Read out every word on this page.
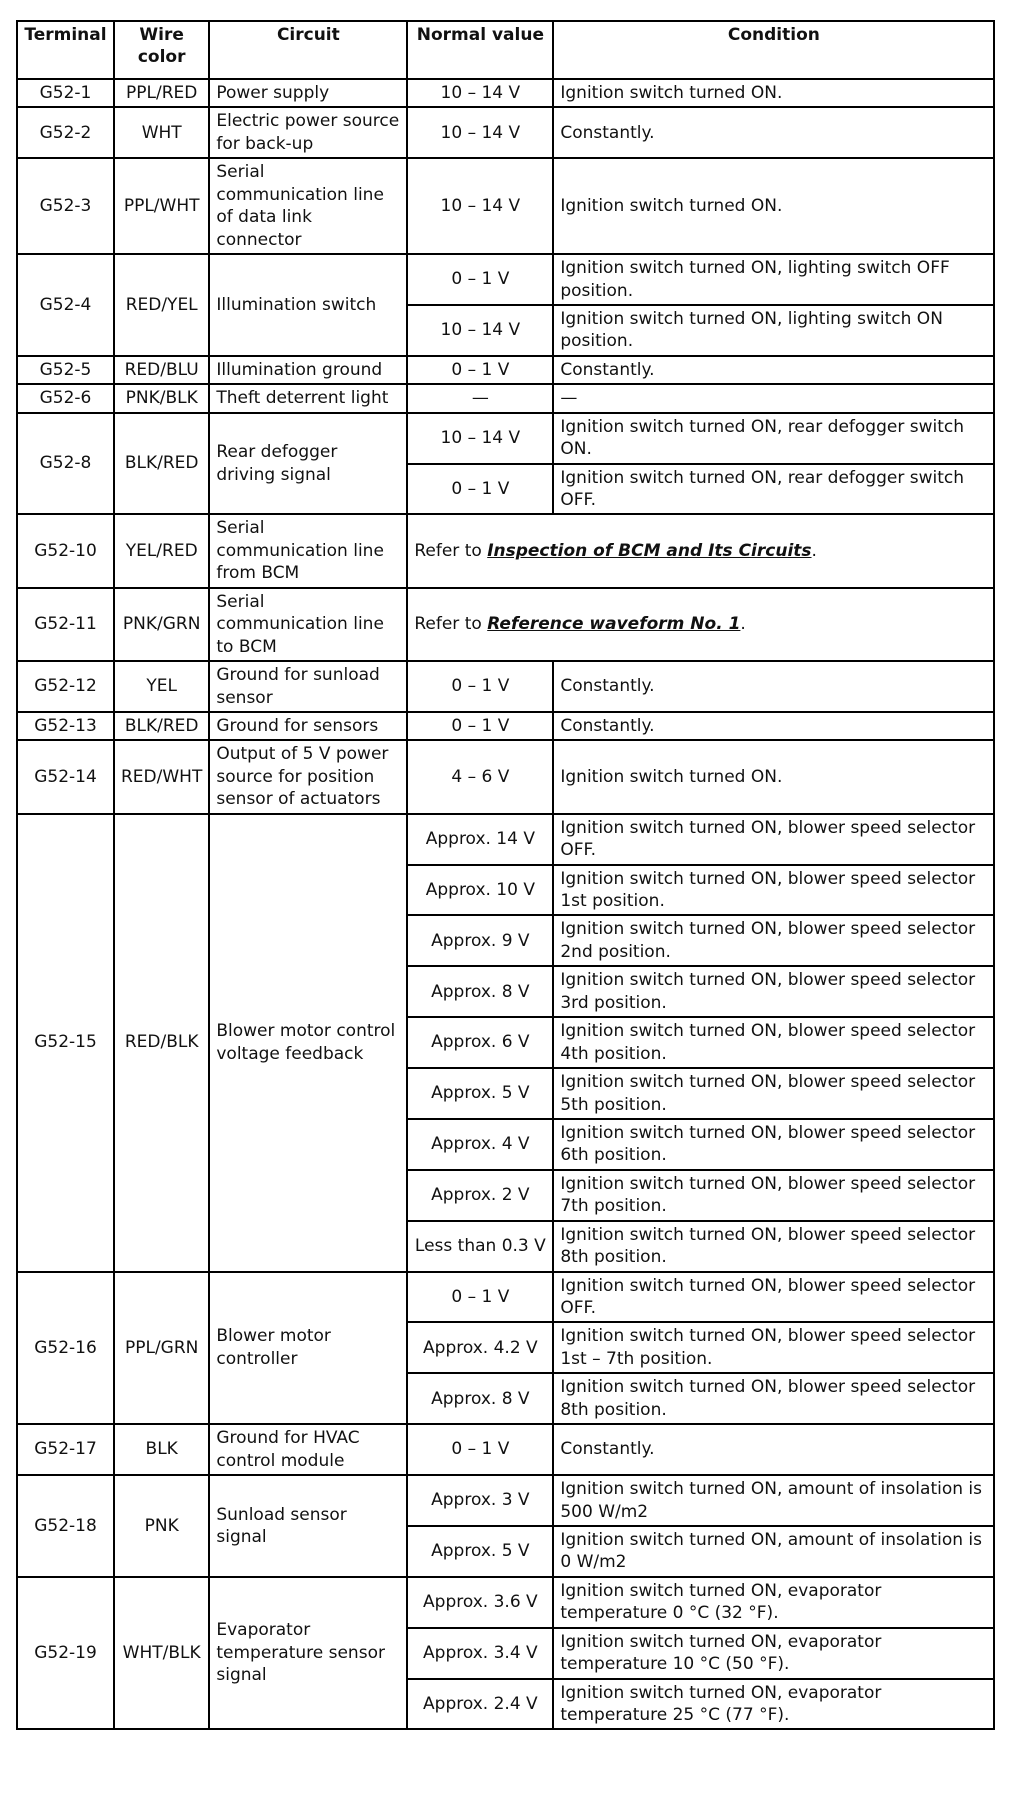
Terminal	Wire color	Circuit	Normal value	Condition
G52-1	PPL/RED	Power supply	10 – 14 V	Ignition switch turned ON.
G52-2	WHT	Electric power source for back-up	10 – 14 V	Constantly.
G52-3	PPL/WHT	Serial communication line of data link connector	10 – 14 V	Ignition switch turned ON.
G52-4	RED/YEL	Illumination switch	0 – 1 V	Ignition switch turned ON, lighting switch OFF position.
			10 – 14 V	Ignition switch turned ON, lighting switch ON position.
G52-5	RED/BLU	Illumination ground	0 – 1 V	Constantly.
G52-6	PNK/BLK	Theft deterrent light	—	—
G52-8	BLK/RED	Rear defogger driving signal	10 – 14 V	Ignition switch turned ON, rear defogger switch ON.
			0 – 1 V	Ignition switch turned ON, rear defogger switch OFF.
G52-10	YEL/RED	Serial communication line from BCM	Refer to Inspection of BCM and Its Circuits.	
G52-11	PNK/GRN	Serial communication line to BCM	Refer to Reference waveform No. 1.	
G52-12	YEL	Ground for sunload sensor	0 – 1 V	Constantly.
G52-13	BLK/RED	Ground for sensors	0 – 1 V	Constantly.
G52-14	RED/WHT	Output of 5 V power source for position sensor of actuators	4 – 6 V	Ignition switch turned ON.
G52-15	RED/BLK	Blower motor control voltage feedback	Approx. 14 V	Ignition switch turned ON, blower speed selector OFF.
			Approx. 10 V	Ignition switch turned ON, blower speed selector 1st position.
			Approx. 9 V	Ignition switch turned ON, blower speed selector 2nd position.
			Approx. 8 V	Ignition switch turned ON, blower speed selector 3rd position.
			Approx. 6 V	Ignition switch turned ON, blower speed selector 4th position.
			Approx. 5 V	Ignition switch turned ON, blower speed selector 5th position.
			Approx. 4 V	Ignition switch turned ON, blower speed selector 6th position.
			Approx. 2 V	Ignition switch turned ON, blower speed selector 7th position.
			Less than 0.3 V	Ignition switch turned ON, blower speed selector 8th position.
G52-16	PPL/GRN	Blower motor controller	0 – 1 V	Ignition switch turned ON, blower speed selector OFF.
			Approx. 4.2 V	Ignition switch turned ON, blower speed selector 1st – 7th position.
			Approx. 8 V	Ignition switch turned ON, blower speed selector 8th position.
G52-17	BLK	Ground for HVAC control module	0 – 1 V	Constantly.
G52-18	PNK	Sunload sensor signal	Approx. 3 V	Ignition switch turned ON, amount of insolation is 500 W/m2
			Approx. 5 V	Ignition switch turned ON, amount of insolation is 0 W/m2
G52-19	WHT/BLK	Evaporator temperature sensor signal	Approx. 3.6 V	Ignition switch turned ON, evaporator temperature 0 °C (32 °F).
			Approx. 3.4 V	Ignition switch turned ON, evaporator temperature 10 °C (50 °F).
			Approx. 2.4 V	Ignition switch turned ON, evaporator temperature 25 °C (77 °F).
